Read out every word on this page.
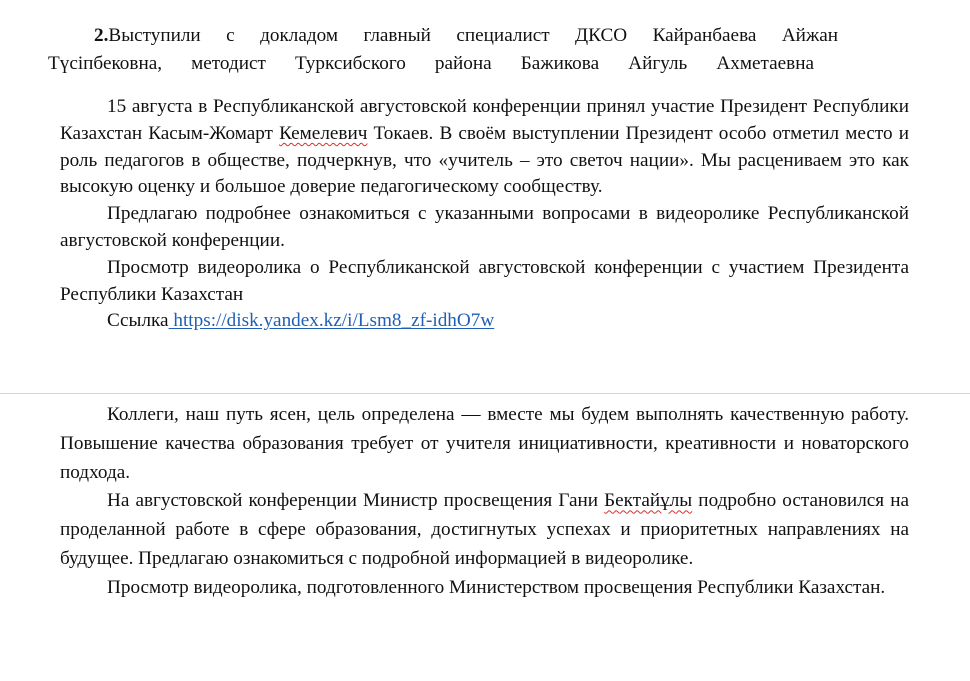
2.Выступили с докладом главный специалист ДКСО Кайранбаева Айжан
Түсіпбековна, методист Турксибского района Бажикова Айгуль Ахметаевна

15 августа в Республиканской августовской конференции принял участие Президент Республики Казахстан Касым-Жомарт Кемелевич Токаев. В своём выступлении Президент особо отметил место и роль педагогов в обществе, подчеркнув, что «учитель – это светоч нации». Мы расцениваем это как высокую оценку и большое доверие педагогическому сообществу.

Предлагаю подробнее ознакомиться с указанными вопросами в видеоролике Республиканской августовской конференции.

Просмотр видеоролика о Республиканской августовской конференции с участием Президента Республики Казахстан

Ссылка https://disk.yandex.kz/i/Lsm8_zf-idhO7w

Коллеги, наш путь ясен, цель определена — вместе мы будем выполнять качественную работу. Повышение качества образования требует от учителя инициативности, креативности и новаторского подхода.

На августовской конференции Министр просвещения Гани Бектайұлы подробно остановился на проделанной работе в сфере образования, достигнутых успехах и приоритетных направлениях на будущее. Предлагаю ознакомиться с подробной информацией в видеоролике.

Просмотр видеоролика, подготовленного Министерством просвещения Республики Казахстан.
